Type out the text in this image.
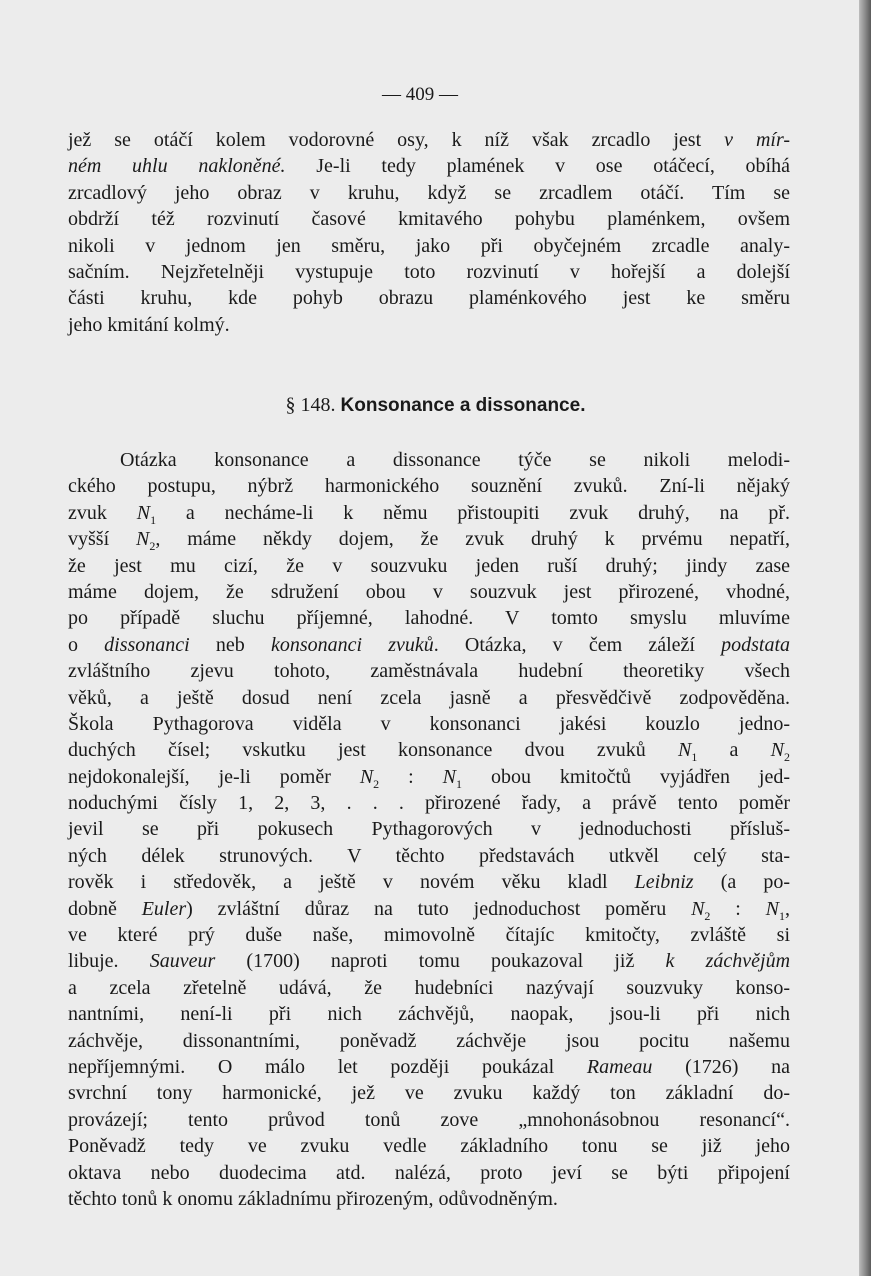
— 409 —
jež se otáčí kolem vodorovné osy, k níž však zrcadlo jest v mír-
ném uhlu nakloněné. Je-li tedy plamének v ose otáčecí, obíhá
zrcadlový jeho obraz v kruhu, když se zrcadlem otáčí. Tím se
obdrží též rozvinutí časové kmitavého pohybu plaménkem, ovšem
nikoli v jednom jen směru, jako při obyčejném zrcadle analy-
sačním. Nejzřetelněji vystupuje toto rozvinutí v hořejší a dolejší
části kruhu, kde pohyb obrazu plaménkového jest ke směru
jeho kmitání kolmý.
§ 148. Konsonance a dissonance.
Otázka konsonance a dissonance týče se nikoli melodi-
ckého postupu, nýbrž harmonického souznění zvuků. Zní-li nějaký
zvuk $N_1$ a necháme-li k němu přistoupiti zvuk druhý, na př.
vyšší $N_2$, máme někdy dojem, že zvuk druhý k prvému nepatří,
že jest mu cizí, že v souzvuku jeden ruší druhý; jindy zase
máme dojem, že sdružení obou v souzvuk jest přirozené, vhodné,
po případě sluchu příjemné, lahodné. V tomto smyslu mluvíme
o dissonanci neb konsonanci zvuků. Otázka, v čem záleží podstata
zvláštního zjevu tohoto, zaměstnávala hudební theoretiky všech
věků, a ještě dosud není zcela jasně a přesvědčivě zodpověděna.
Škola Pythagorova viděla v konsonanci jakési kouzlo jedno-
duchých čísel; vskutku jest konsonance dvou zvuků $N_1$ a $N_2$
nejdokonalejší, je-li poměr $N_2$ : $N_1$ obou kmitočtů vyjádřen jed-
noduchými čísly 1, 2, 3, . . . přirozené řady, a právě tento poměr
jevil se při pokusech Pythagorových v jednoduchosti přísluš-
ných délek strunových. V těchto představách utkvěl celý sta-
rověk i středověk, a ještě v novém věku kladl Leibniz (a po-
dobně Euler) zvláštní důraz na tuto jednoduchost poměru $N_2$ : $N_1$,
ve které prý duše naše, mimovolně čítajíc kmitočty, zvláště si
libuje. Sauveur (1700) naproti tomu poukazoval již k záchvějům
a zcela zřetelně udává, že hudebníci nazývají souzvuky konso-
nantními, není-li při nich záchvějů, naopak, jsou-li při nich
záchvěje, dissonantními, poněvadž záchvěje jsou pocitu našemu
nepříjemnými. O málo let později poukázal Rameau (1726) na
svrchní tony harmonické, jež ve zvuku každý ton základní do-
provázejí; tento průvod tonů zove „mnohonásobnou resonancí“.
Poněvadž tedy ve zvuku vedle základního tonu se již jeho
oktava nebo duodecima atd. nalézá, proto jeví se býti připojení
těchto tonů k onomu základnímu přirozeným, odůvodněným.
